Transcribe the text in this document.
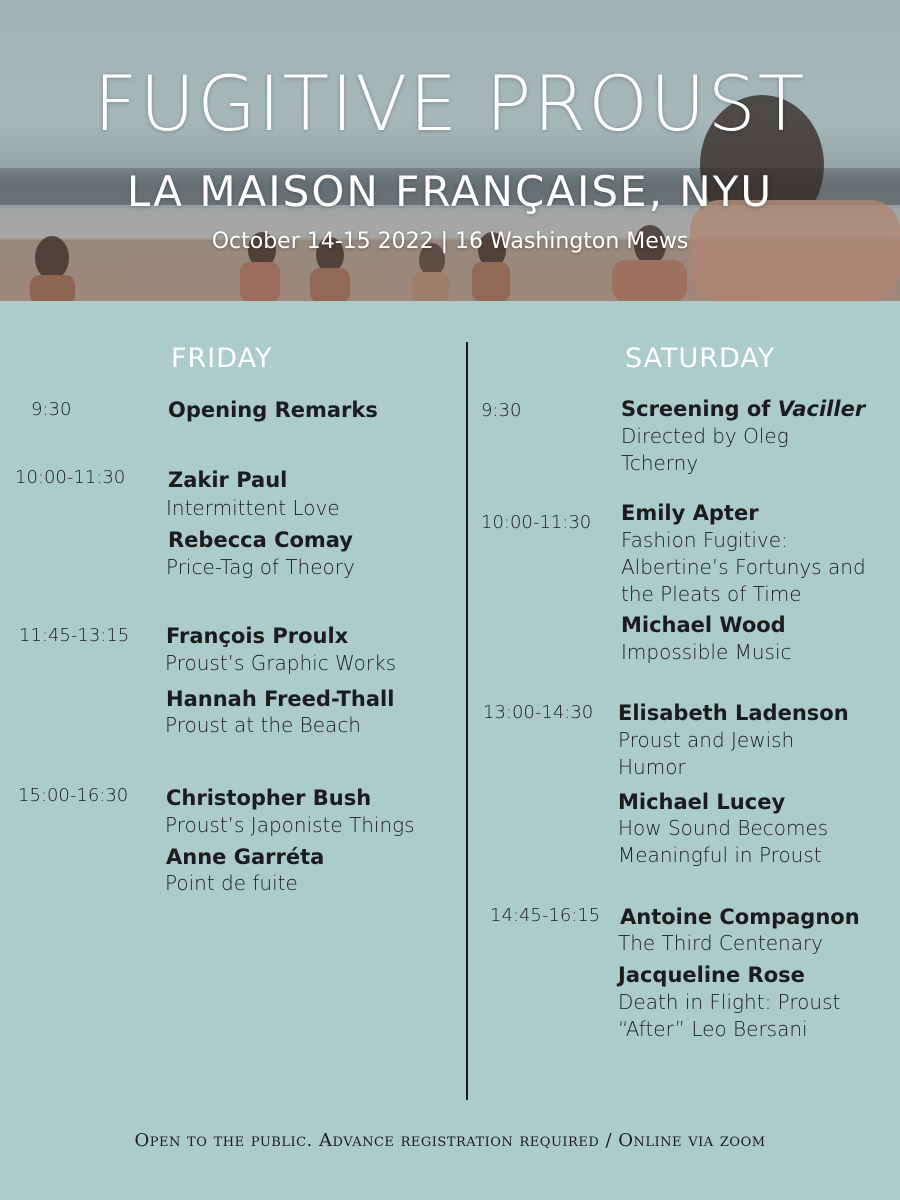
FUGITIVE PROUST
LA MAISON FRANÇAISE, NYU
October 14-15 2022 | 16 Washington Mews
FRIDAY
9:30	Opening Remarks
10:00-11:30 Zakir Paul
Intermittent Love
Rebecca Comay
Price-Tag of Theory
11:45-13:15 François Proulx
Proust’s Graphic Works
Hannah Freed-Thall
Proust at the Beach
15:00-16:30 Christopher Bush
Proust’s Japoniste Things
Anne Garréta
Point de fuite
SATURDAY
9:30	Screening of Vaciller
Directed by Oleg
Tcherny
10:00-11:30 Emily Apter
Fashion Fugitive:
Albertine’s Fortunys and
the Pleats of Time
Michael Wood
Impossible Music
13:00-14:30 Elisabeth Ladenson
Proust and Jewish
Humor
Michael Lucey
How Sound Becomes
Meaningful in Proust
14:45-16:15 Antoine Compagnon
The Third Centenary
Jacqueline Rose
Death in Flight: Proust
“After” Leo Bersani
Open to the public. Advance registration required / Online via zoom
